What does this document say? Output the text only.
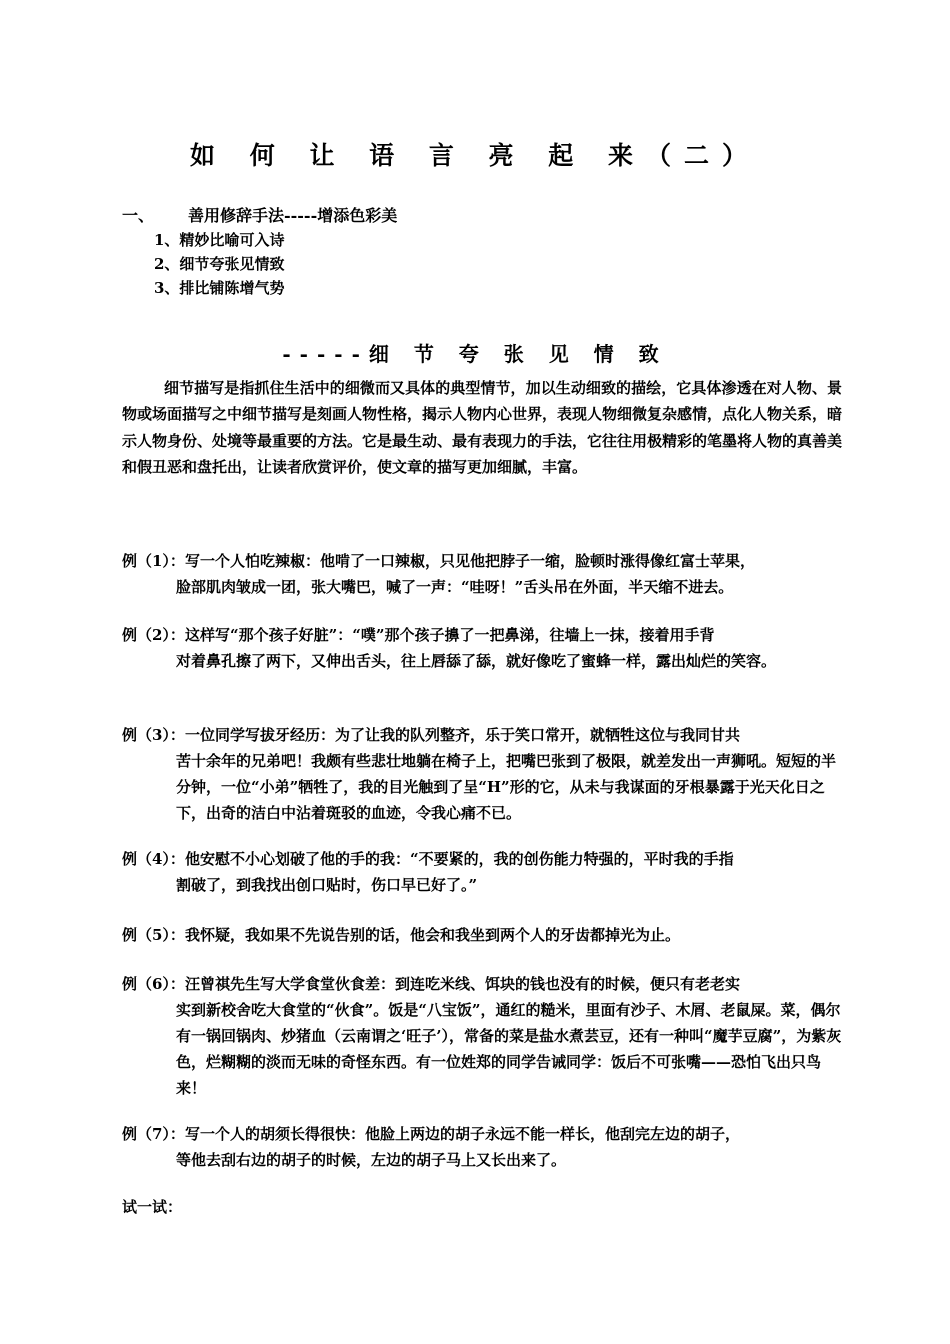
如 何 让 语 言 亮 起 来（二）
一、 善用修辞手法-----增添色彩美
1、精妙比喻可入诗
2、细节夸张见情致
3、排比铺陈增气势
-----细 节 夸 张 见 情 致
细节描写是指抓住生活中的细微而又具体的典型情节，加以生动细致的描绘，它具体渗透在对人物、景物或场面描写之中细节描写是刻画人物性格，揭示人物内心世界，表现人物细微复杂感情，点化人物关系，暗示人物身份、处境等最重要的方法。它是最生动、最有表现力的手法，它往往用极精彩的笔墨将人物的真善美和假丑恶和盘托出，让读者欣赏评价，使文章的描写更加细腻，丰富。
例（1）：写一个人怕吃辣椒：他啃了一口辣椒，只见他把脖子一缩，脸顿时涨得像红富士苹果，
脸部肌肉皱成一团，张大嘴巴，喊了一声：“哇呀！”舌头吊在外面，半天缩不进去。
例（2）：这样写“那个孩子好脏”：“噗”那个孩子擤了一把鼻涕，往墙上一抹，接着用手背
对着鼻孔擦了两下，又伸出舌头，往上唇舔了舔，就好像吃了蜜蜂一样，露出灿烂的笑容。
例（3）：一位同学写拔牙经历：为了让我的队列整齐，乐于笑口常开，就牺牲这位与我同甘共
苦十余年的兄弟吧！我颇有些悲壮地躺在椅子上，把嘴巴张到了极限，就差发出一声狮吼。短短的半分钟，一位“小弟”牺牲了，我的目光触到了呈“H”形的它，从未与我谋面的牙根暴露于光天化日之下，出奇的洁白中沾着斑驳的血迹，令我心痛不已。
例（4）：他安慰不小心划破了他的手的我：“不要紧的，我的创伤能力特强的，平时我的手指
割破了，到我找出创口贴时，伤口早已好了。”
例（5）：我怀疑，我如果不先说告别的话，他会和我坐到两个人的牙齿都掉光为止。
例（6）：汪曾祺先生写大学食堂伙食差：到连吃米线、饵块的钱也没有的时候，便只有老老实
实到新校舍吃大食堂的“伙食”。饭是“八宝饭”，通红的糙米，里面有沙子、木屑、老鼠屎。菜，偶尔有一锅回锅肉、炒猪血（云南谓之‘旺子’），常备的菜是盐水煮芸豆，还有一种叫“魔芋豆腐”，为紫灰色，烂糊糊的淡而无味的奇怪东西。有一位姓郑的同学告诫同学：饭后不可张嘴——恐怕飞出只鸟来！
例（7）：写一个人的胡须长得很快：他脸上两边的胡子永远不能一样长，他刮完左边的胡子，
等他去刮右边的胡子的时候，左边的胡子马上又长出来了。
试一试：
